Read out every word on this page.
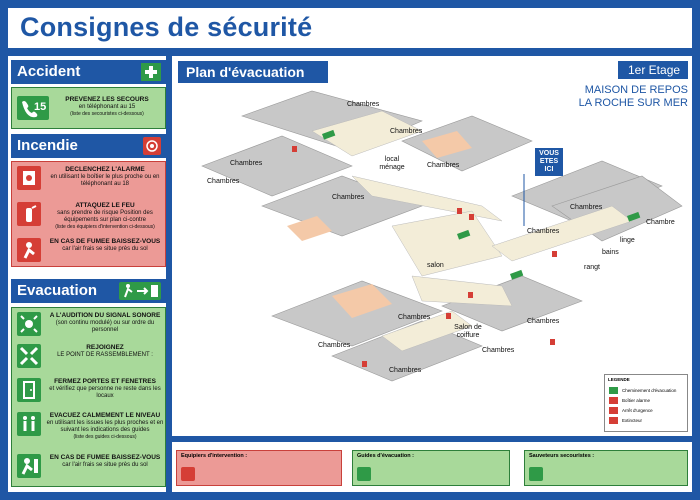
Consignes de sécurité
Accident
15
PREVENEZ LES SECOURS
en téléphonant au 15
(liste des secouristes ci-dessous)
Incendie
DECLENCHEZ L'ALARME
en utilisant le boîtier le plus proche ou en téléphonant au 18
ATTAQUEZ LE FEU
sans prendre de risque Position des équipements sur plan ci-contre
(liste des équipiers d'intervention ci-dessous)
EN CAS DE FUMEE BAISSEZ-VOUS
car l'air frais se situe près du sol
Evacuation
A L'AUDITION DU SIGNAL SONORE
(son continu modulé) ou sur ordre du personnel
REJOIGNEZ
LE POINT DE RASSEMBLEMENT :
FERMEZ PORTES ET FENETRES
et vérifiez que personne ne reste dans les locaux
EVACUEZ CALMEMENT LE NIVEAU
en utilisant les issues les plus proches et en suivant les indications des guides
(liste des guides ci-dessous)
EN CAS DE FUMEE BAISSEZ-VOUS
car l'air frais se situe près du sol
Plan d'évacuation	1er Etage
MAISON DE REPOS
LA ROCHE SUR MER
Chambres
Chambres
Chambres
Chambres
local ménage	Chambres
Chambres
Chambres
Chambres
Chambre
linge
bains
rangt
salon
Chambres
Salon de coiffure
Chambres
Chambres
Chambres
Chambres
VOUS
ETES
ICI
LEGENDE
Cheminement d'évacuation
Boîtier alarme
Arrêt d'urgence
Extincteur
Equipiers d'intervention :	Guides d'évacuation :	Sauveteurs secouristes :
